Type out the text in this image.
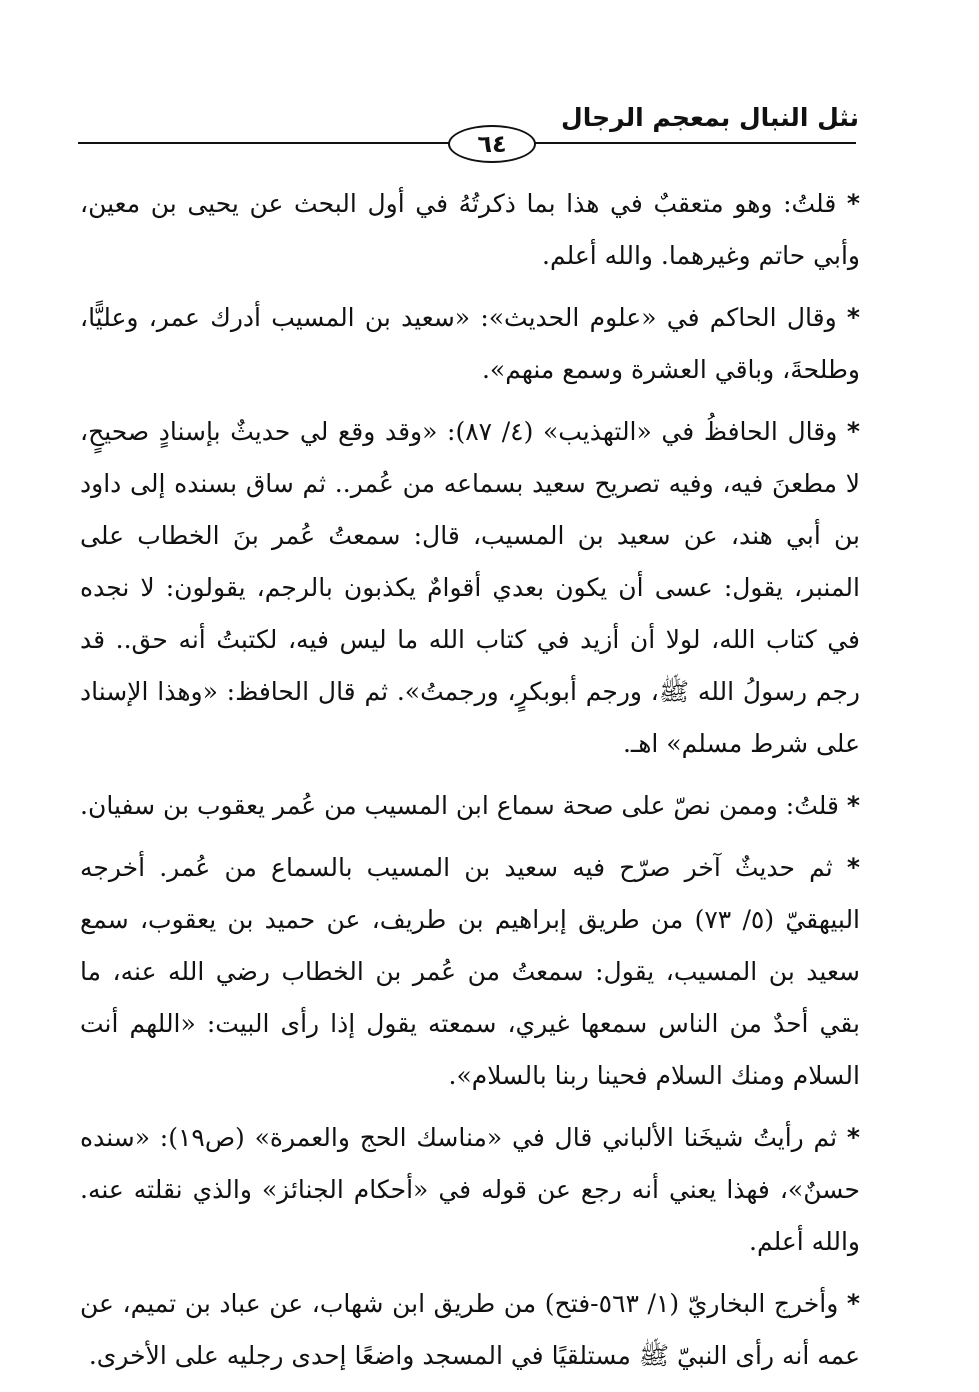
نثل النبال بمعجم الرجال
٦٤

* قلتُ: وهو متعقبٌ في هذا بما ذكرتُهُ في أول البحث عن يحيى بن معين، وأبي حاتم وغيرهما. والله أعلم.

* وقال الحاكم في «علوم الحديث»: «سعيد بن المسيب أدرك عمر، وعليًّا، وطلحةَ، وباقي العشرة وسمع منهم».

* وقال الحافظُ في «التهذيب» (٤/ ٨٧): «وقد وقع لي حديثٌ بإسنادٍ صحيحٍ، لا مطعنَ فيه، وفيه تصريح سعيد بسماعه من عُمر.. ثم ساق بسنده إلى داود بن أبي هند، عن سعيد بن المسيب، قال: سمعتُ عُمر بنَ الخطاب على المنبر، يقول: عسى أن يكون بعدي أقوامٌ يكذبون بالرجم، يقولون: لا نجده في كتاب الله، لولا أن أزيد في كتاب الله ما ليس فيه، لكتبتُ أنه حق.. قد رجم رسولُ الله ﷺ، ورجم أبوبكرٍ، ورجمتُ». ثم قال الحافظ: «وهذا الإسناد على شرط مسلم» اهـ.

* قلتُ: وممن نصّ على صحة سماع ابن المسيب من عُمر يعقوب بن سفيان.

* ثم حديثٌ آخر صرّح فيه سعيد بن المسيب بالسماع من عُمر. أخرجه البيهقيّ (٥/ ٧٣) من طريق إبراهيم بن طريف، عن حميد بن يعقوب، سمع سعيد بن المسيب، يقول: سمعتُ من عُمر بن الخطاب رضي الله عنه، ما بقي أحدٌ من الناس سمعها غيري، سمعته يقول إذا رأى البيت: «اللهم أنت السلام ومنك السلام فحينا ربنا بالسلام».

* ثم رأيتُ شيخَنا الألباني قال في «مناسك الحج والعمرة» (ص١٩): «سنده حسنٌ»، فهذا يعني أنه رجع عن قوله في «أحكام الجنائز» والذي نقلته عنه. والله أعلم.

* وأخرج البخاريّ (١/ ٥٦٣-فتح) من طريق ابن شهاب، عن عباد بن تميم، عن عمه أنه رأى النبيّ ﷺ مستلقيًا في المسجد واضعًا إحدى رجليه على الأخرى.
